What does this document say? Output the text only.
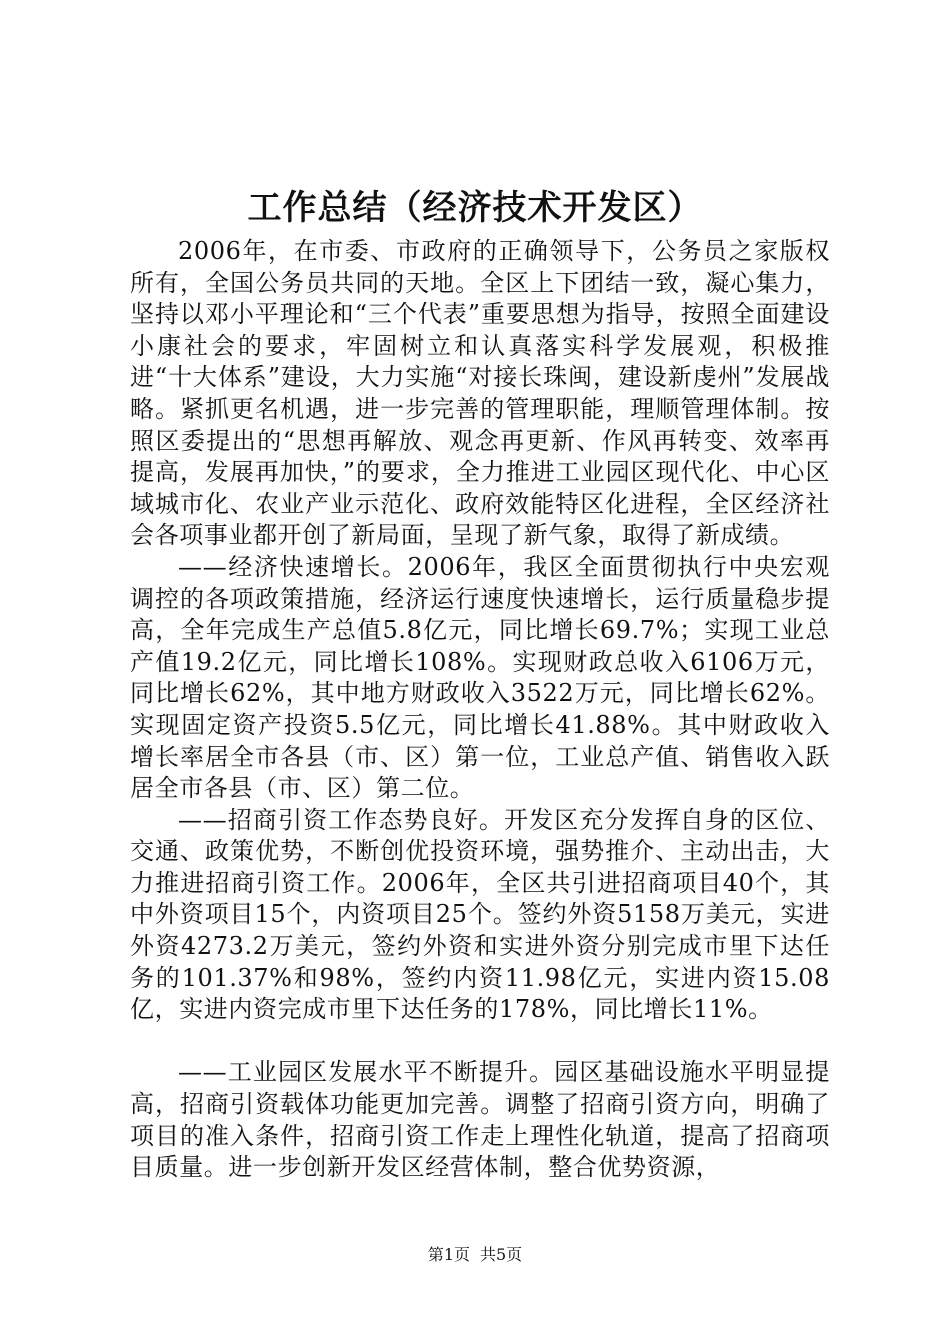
工作总结（经济技术开发区）

2006年，在市委、市政府的正确领导下，公务员之家版权所有，全国公务员共同的天地。全区上下团结一致，凝心集力，坚持以邓小平理论和“三个代表”重要思想为指导，按照全面建设小康社会的要求，牢固树立和认真落实科学发展观，积极推进“十大体系”建设，大力实施“对接长珠闽，建设新虔州”发展战略。紧抓更名机遇，进一步完善的管理职能，理顺管理体制。按照区委提出的“思想再解放、观念再更新、作风再转变、效率再提高，发展再加快，”的要求，全力推进工业园区现代化、中心区域城市化、农业产业示范化、政府效能特区化进程，全区经济社会各项事业都开创了新局面，呈现了新气象，取得了新成绩。

——经济快速增长。2006年，我区全面贯彻执行中央宏观调控的各项政策措施，经济运行速度快速增长，运行质量稳步提高，全年完成生产总值5.8亿元，同比增长69.7%；实现工业总产值19.2亿元，同比增长108%。实现财政总收入6106万元，同比增长62%，其中地方财政收入3522万元，同比增长62%。实现固定资产投资5.5亿元，同比增长41.88%。其中财政收入增长率居全市各县（市、区）第一位，工业总产值、销售收入跃居全市各县（市、区）第二位。

——招商引资工作态势良好。开发区充分发挥自身的区位、交通、政策优势，不断创优投资环境，强势推介、主动出击，大力推进招商引资工作。2006年，全区共引进招商项目40个，其中外资项目15个，内资项目25个。签约外资5158万美元，实进外资4273.2万美元，签约外资和实进外资分别完成市里下达任务的101.37%和98%，签约内资11.98亿元，实进内资15.08亿，实进内资完成市里下达任务的178%，同比增长11%。

——工业园区发展水平不断提升。园区基础设施水平明显提高，招商引资载体功能更加完善。调整了招商引资方向，明确了项目的准入条件，招商引资工作走上理性化轨道，提高了招商项目质量。进一步创新开发区经营体制，整合优势资源，

第1页 共5页
